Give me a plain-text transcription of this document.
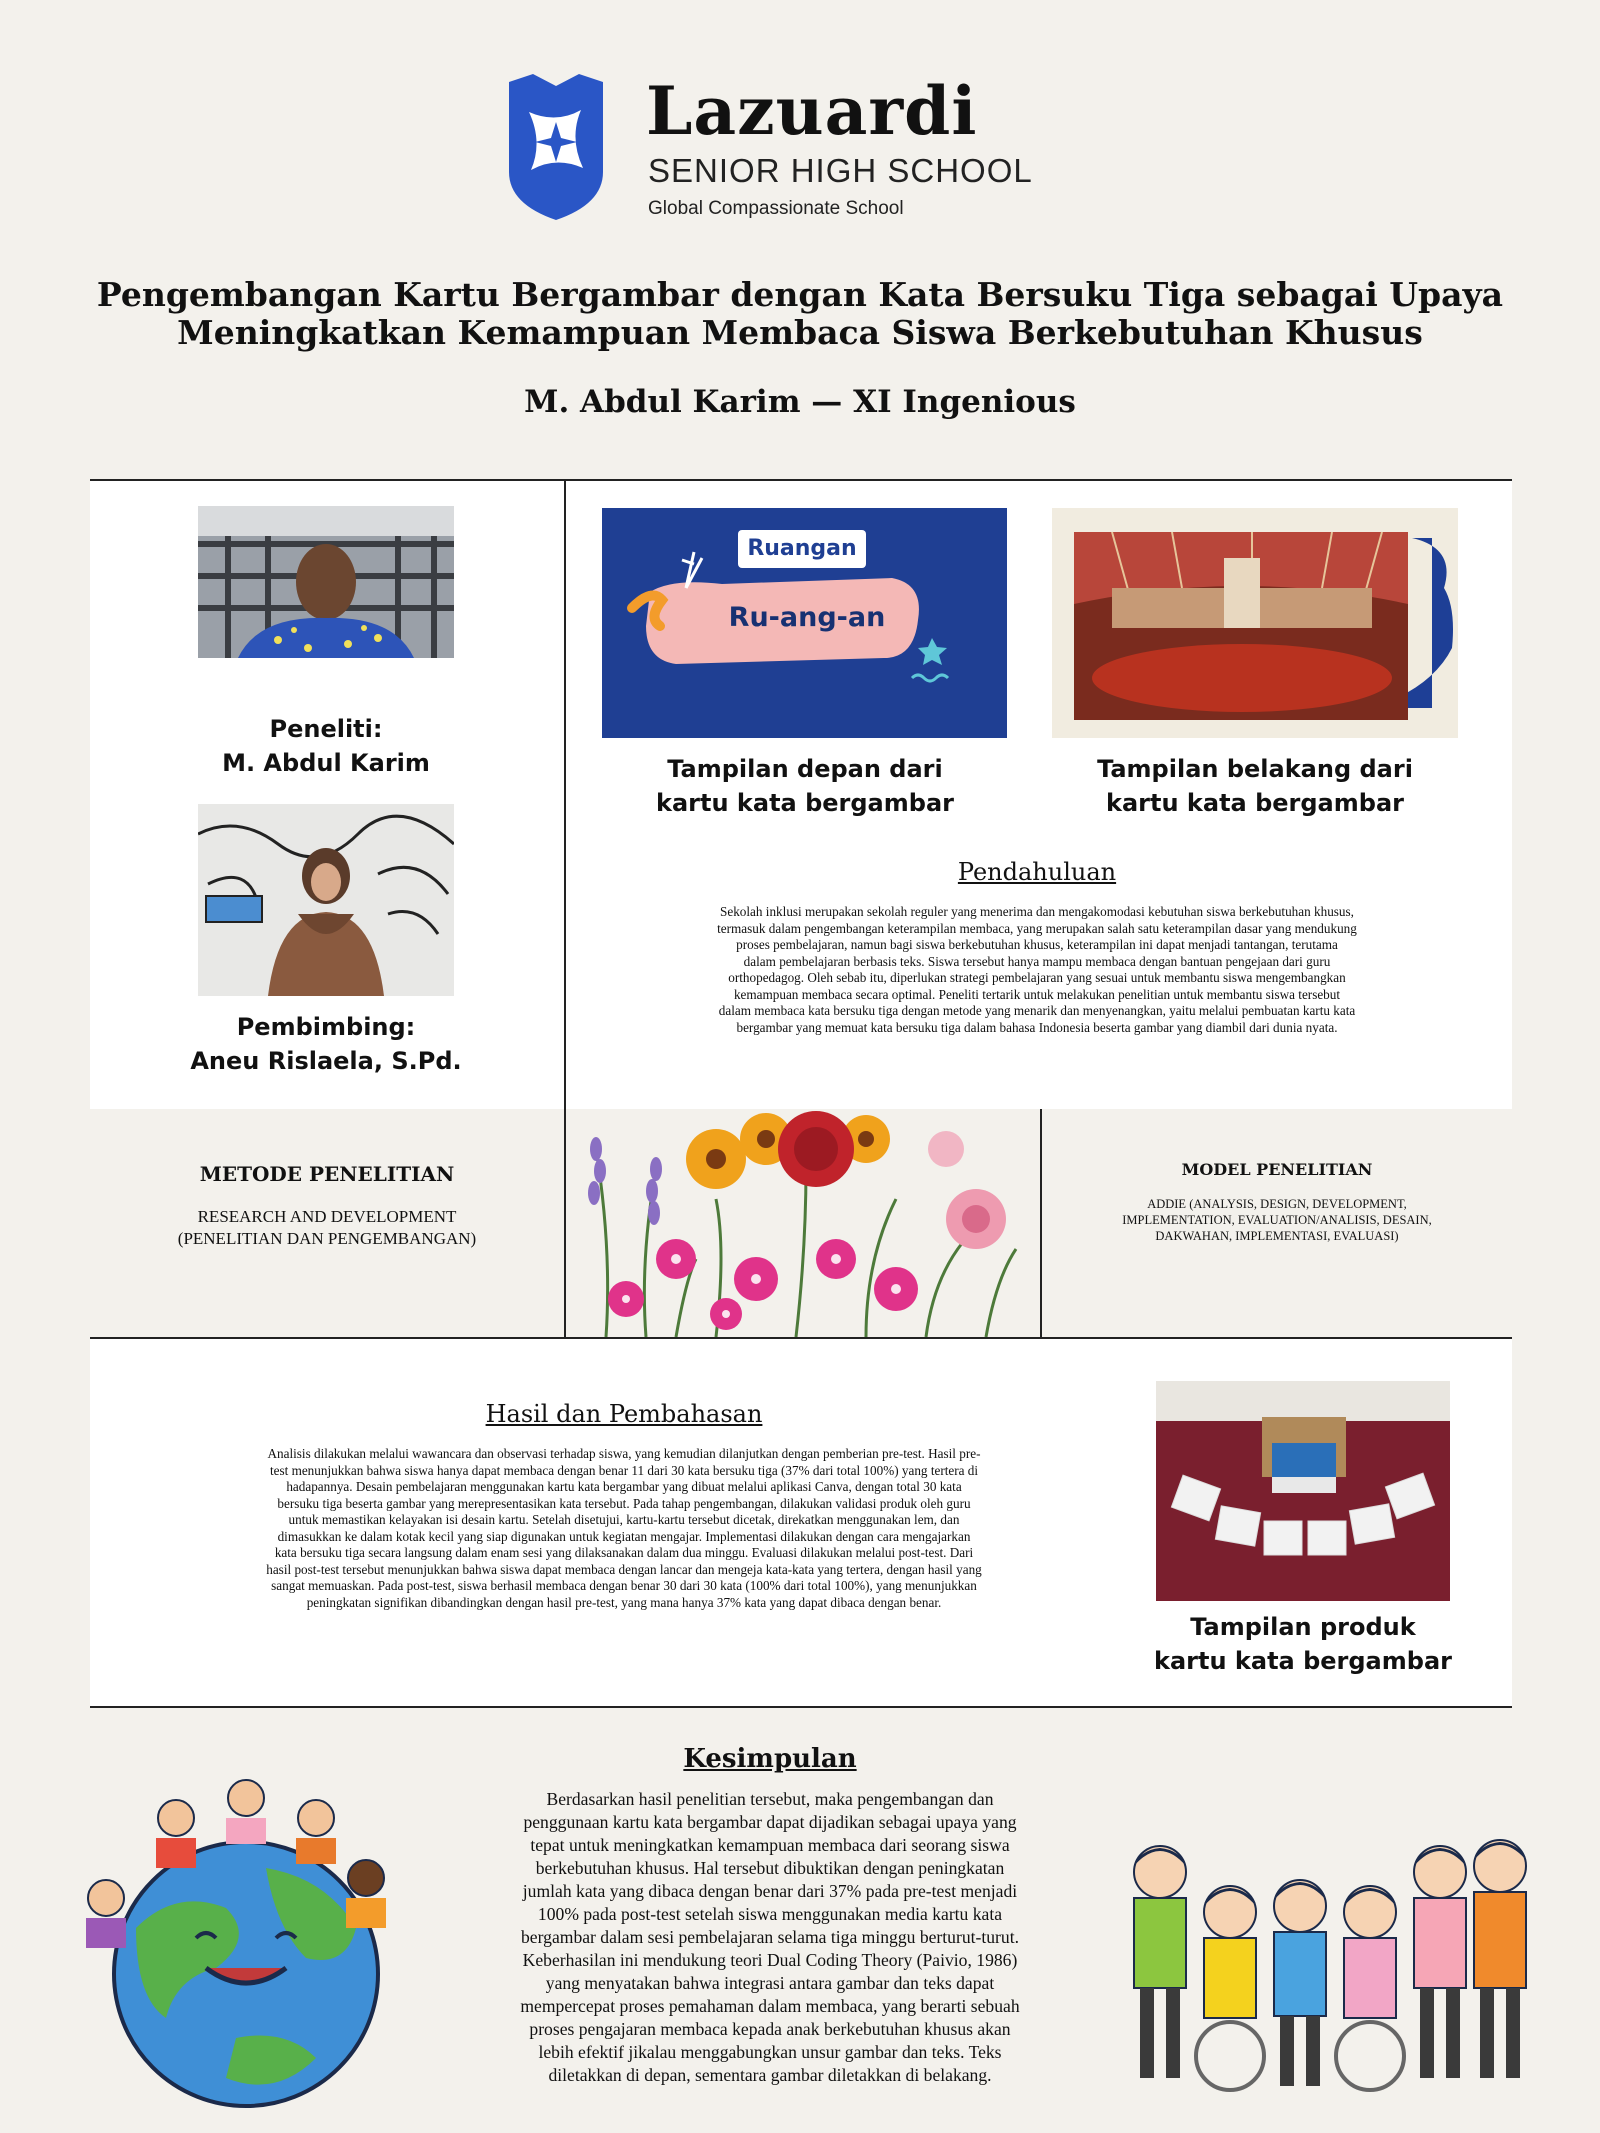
Lazuardi
SENIOR HIGH SCHOOL
Global Compassionate School
Pengembangan Kartu Bergambar dengan Kata Bersuku Tiga sebagai Upaya
Meningkatkan Kemampuan Membaca Siswa Berkebutuhan Khusus
M. Abdul Karim — XI Ingenious
Peneliti:
M. Abdul Karim
Pembimbing:
Aneu Rislaela, S.Pd.
Ruangan
Ru-ang-an
Tampilan depan dari
kartu kata bergambar
Tampilan belakang dari
kartu kata bergambar
Pendahuluan
Sekolah inklusi merupakan sekolah reguler yang menerima dan mengakomodasi kebutuhan siswa berkebutuhan khusus,
termasuk dalam pengembangan keterampilan membaca, yang merupakan salah satu keterampilan dasar yang mendukung
proses pembelajaran, namun bagi siswa berkebutuhan khusus, keterampilan ini dapat menjadi tantangan, terutama
dalam pembelajaran berbasis teks. Siswa tersebut hanya mampu membaca dengan bantuan pengejaan dari guru
orthopedagog. Oleh sebab itu, diperlukan strategi pembelajaran yang sesuai untuk membantu siswa mengembangkan
kemampuan membaca secara optimal. Peneliti tertarik untuk melakukan penelitian untuk membantu siswa tersebut
dalam membaca kata bersuku tiga dengan metode yang menarik dan menyenangkan, yaitu melalui pembuatan kartu kata
bergambar yang memuat kata bersuku tiga dalam bahasa Indonesia beserta gambar yang diambil dari dunia nyata.
METODE PENELITIAN
RESEARCH AND DEVELOPMENT
(PENELITIAN DAN PENGEMBANGAN)
MODEL PENELITIAN
ADDIE (ANALYSIS, DESIGN, DEVELOPMENT,
IMPLEMENTATION, EVALUATION/ANALISIS, DESAIN,
DAKWAHAN, IMPLEMENTASI, EVALUASI)
Hasil dan Pembahasan
Analisis dilakukan melalui wawancara dan observasi terhadap siswa, yang kemudian dilanjutkan dengan pemberian pre-test. Hasil pre-
test menunjukkan bahwa siswa hanya dapat membaca dengan benar 11 dari 30 kata bersuku tiga (37% dari total 100%) yang tertera di
hadapannya. Desain pembelajaran menggunakan kartu kata bergambar yang dibuat melalui aplikasi Canva, dengan total 30 kata
bersuku tiga beserta gambar yang merepresentasikan kata tersebut. Pada tahap pengembangan, dilakukan validasi produk oleh guru
untuk memastikan kelayakan isi desain kartu. Setelah disetujui, kartu-kartu tersebut dicetak, direkatkan menggunakan lem, dan
dimasukkan ke dalam kotak kecil yang siap digunakan untuk kegiatan mengajar. Implementasi dilakukan dengan cara mengajarkan
kata bersuku tiga secara langsung dalam enam sesi yang dilaksanakan dalam dua minggu. Evaluasi dilakukan melalui post-test. Dari
hasil post-test tersebut menunjukkan bahwa siswa dapat membaca dengan lancar dan mengeja kata-kata yang tertera, dengan hasil yang
sangat memuaskan. Pada post-test, siswa berhasil membaca dengan benar 30 dari 30 kata (100% dari total 100%), yang menunjukkan
peningkatan signifikan dibandingkan dengan hasil pre-test, yang mana hanya 37% kata yang dapat dibaca dengan benar.
Tampilan produk
kartu kata bergambar
Kesimpulan
Berdasarkan hasil penelitian tersebut, maka pengembangan dan
penggunaan kartu kata bergambar dapat dijadikan sebagai upaya yang
tepat untuk meningkatkan kemampuan membaca dari seorang siswa
berkebutuhan khusus. Hal tersebut dibuktikan dengan peningkatan
jumlah kata yang dibaca dengan benar dari 37% pada pre-test menjadi
100% pada post-test setelah siswa menggunakan media kartu kata
bergambar dalam sesi pembelajaran selama tiga minggu berturut-turut.
Keberhasilan ini mendukung teori Dual Coding Theory (Paivio, 1986)
yang menyatakan bahwa integrasi antara gambar dan teks dapat
mempercepat proses pemahaman dalam membaca, yang berarti sebuah
proses pengajaran membaca kepada anak berkebutuhan khusus akan
lebih efektif jikalau menggabungkan unsur gambar dan teks. Teks
diletakkan di depan, sementara gambar diletakkan di belakang.
